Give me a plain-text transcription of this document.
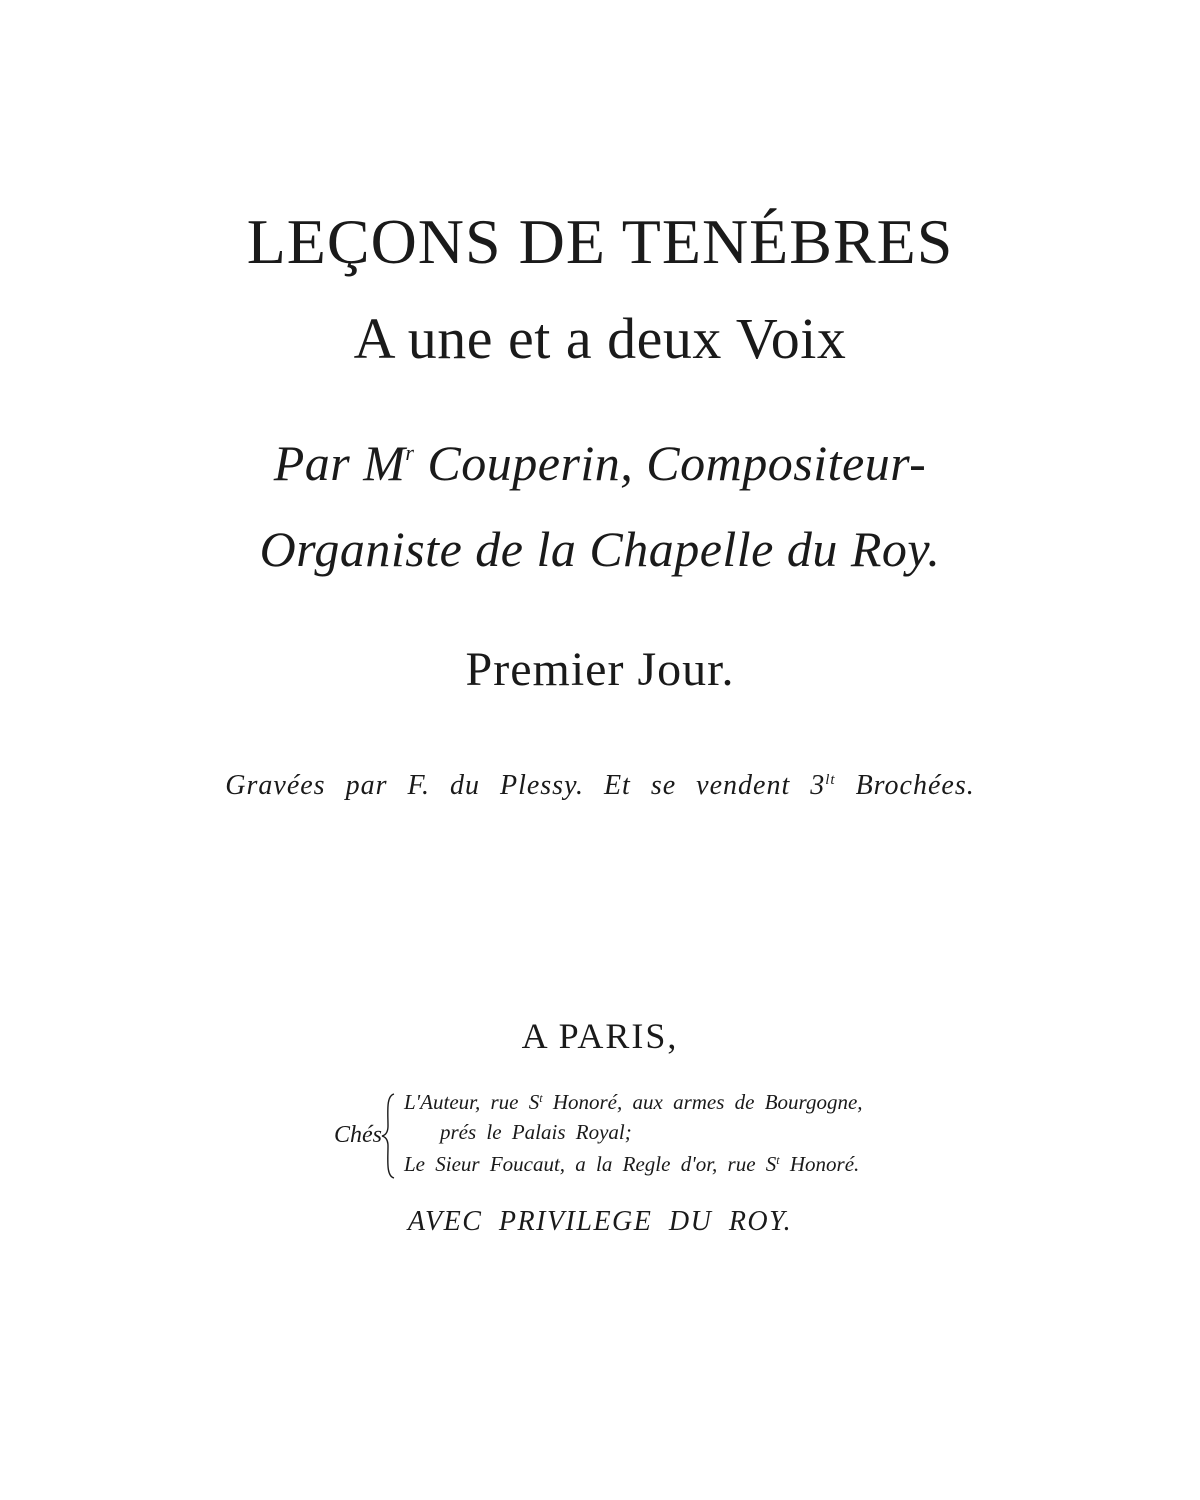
LEÇONS DE TENÉBRES
A une et a deux Voix
Par $M^r$ Couperin, Compositeur-
Organiste de la Chapelle du Roy.
Premier Jour.
Gravées par F. du Plessy. Et se vendent $3^{lt}$ Brochées.
A PARIS,
Chés
L'Auteur, rue $S^t$ Honoré, aux armes de Bourgogne,
prés le Palais Royal;
Le Sieur Foucaut, a la Regle d'or, rue $S^t$ Honoré.
AVEC PRIVILEGE DU ROY.
